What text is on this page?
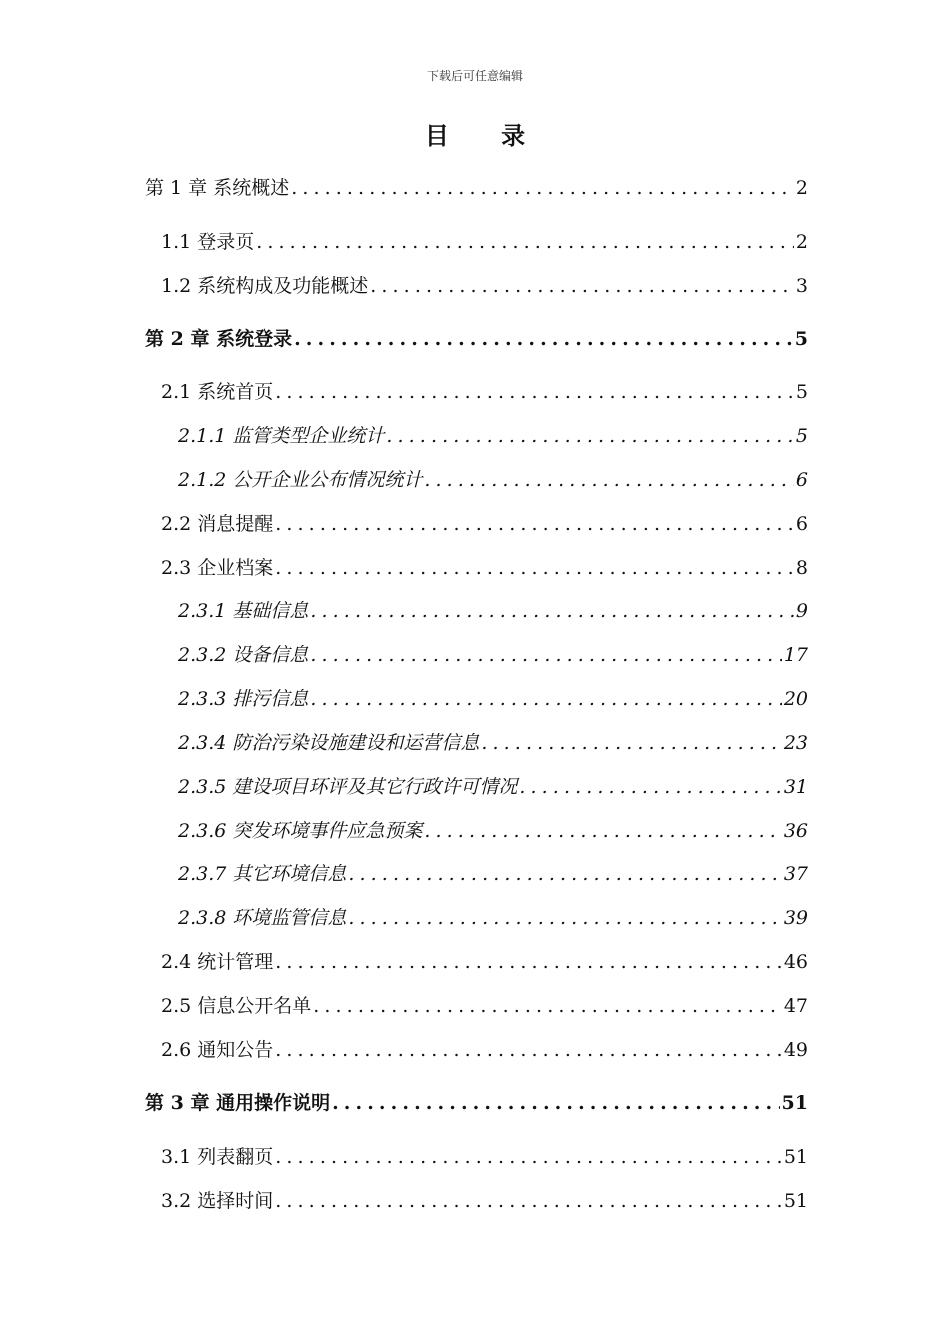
下载后可任意编辑
目 录
第 1 章 系统概述 .....	2
1.1 登录页 .....	2
1.2 系统构成及功能概述 .....	3
第 2 章 系统登录 .....	5
2.1 系统首页 .....	5
2.1.1 监管类型企业统计 .....	5
2.1.2 公开企业公布情况统计 .....	6
2.2 消息提醒 .....	6
2.3 企业档案 .....	8
2.3.1 基础信息 .....	9
2.3.2 设备信息 .....	17
2.3.3 排污信息 .....	20
2.3.4 防治污染设施建设和运营信息 .....	23
2.3.5 建设项目环评及其它行政许可情况 .....	31
2.3.6 突发环境事件应急预案 .....	36
2.3.7 其它环境信息 .....	37
2.3.8 环境监管信息 .....	39
2.4 统计管理 .....	46
2.5 信息公开名单 .....	47
2.6 通知公告 .....	49
第 3 章 通用操作说明 .....	51
3.1 列表翻页 .....	51
3.2 选择时间 .....	51
